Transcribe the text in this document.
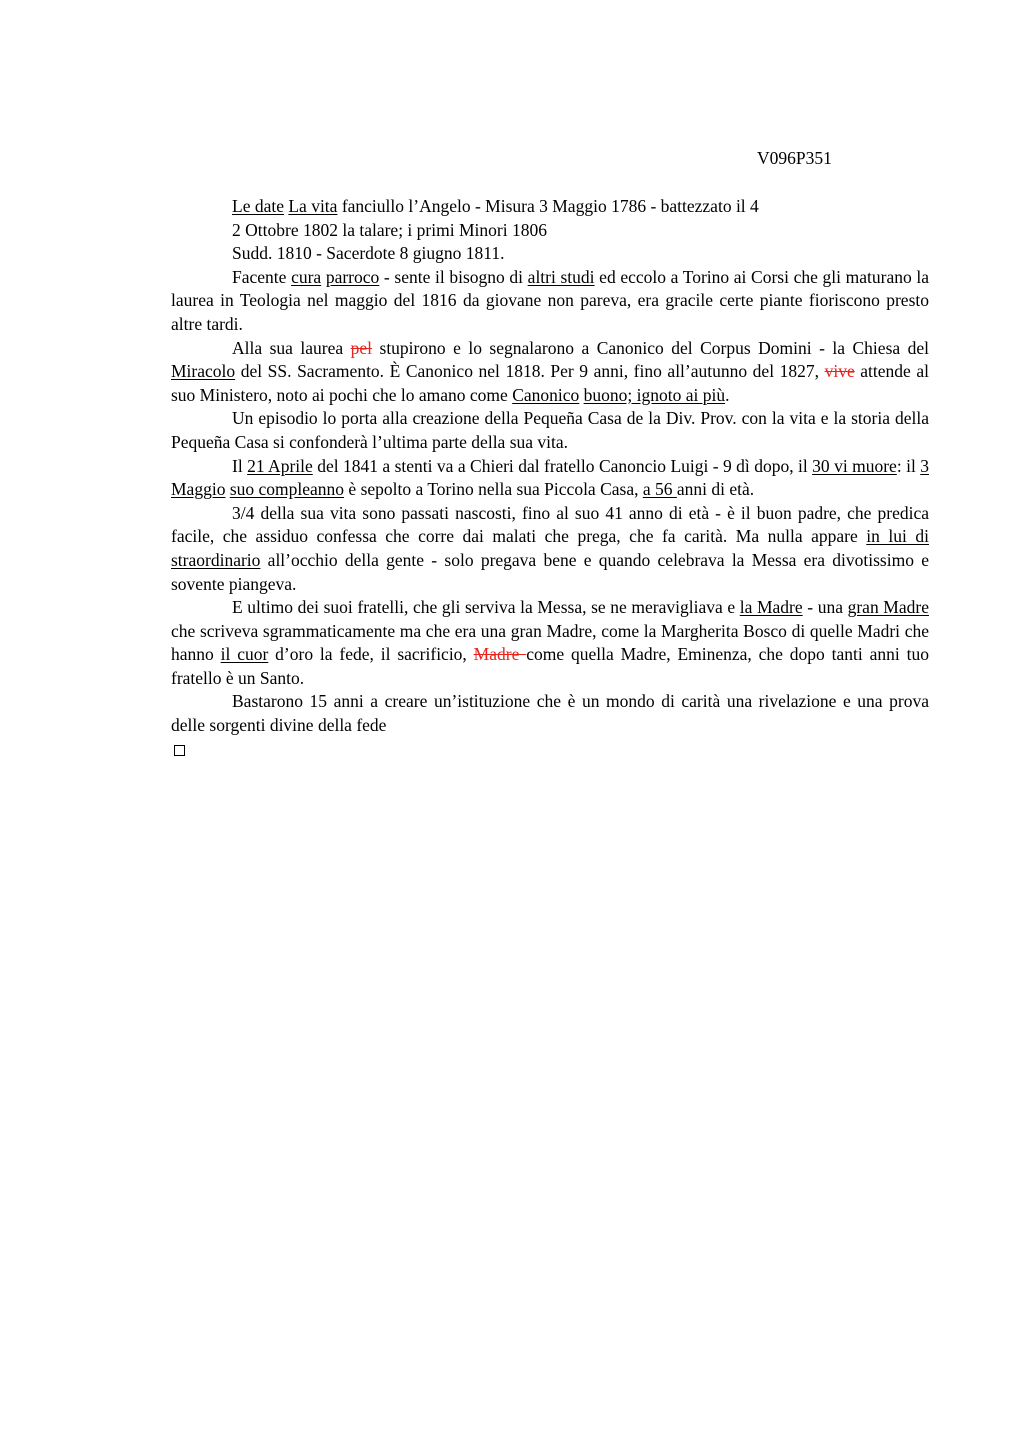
V096P351

Le date La vita fanciullo l’Angelo - Misura 3 Maggio 1786 - battezzato il 4

2 Ottobre 1802 la talare; i primi Minori 1806

Sudd. 1810 - Sacerdote 8 giugno 1811.

Facente cura parroco - sente il bisogno di altri studi ed eccolo a Torino ai Corsi che gli maturano la laurea in Teologia nel maggio del 1816 da giovane non pareva, era gracile certe piante fioriscono presto altre tardi.

Alla sua laurea pel stupirono e lo segnalarono a Canonico del Corpus Domini - la Chiesa del Miracolo del SS. Sacramento. È Canonico nel 1818. Per 9 anni, fino all’autunno del 1827, vive attende al suo Ministero, noto ai pochi che lo amano come Canonico buono; ignoto ai più.

Un episodio lo porta alla creazione della Pequeña Casa de la Div. Prov. con la vita e la storia della Pequeña Casa si confonderà l’ultima parte della sua vita.

Il 21 Aprile del 1841 a stenti va a Chieri dal fratello Canoncio Luigi - 9 dì dopo, il 30 vi muore: il 3 Maggio suo compleanno è sepolto a Torino nella sua Piccola Casa, a 56 anni di età.

3/4 della sua vita sono passati nascosti, fino al suo 41 anno di età - è il buon padre, che predica facile, che assiduo confessa che corre dai malati che prega, che fa carità. Ma nulla appare in lui di straordinario all’occhio della gente - solo pregava bene e quando celebrava la Messa era divotissimo e sovente piangeva.

E ultimo dei suoi fratelli, che gli serviva la Messa, se ne meravigliava e la Madre - una gran Madre che scriveva sgrammaticamente ma che era una gran Madre, come la Margherita Bosco di quelle Madri che hanno il cuor d’oro la fede, il sacrificio, Madre come quella Madre, Eminenza, che dopo tanti anni tuo fratello è un Santo.

Bastarono 15 anni a creare un’istituzione che è un mondo di carità una rivelazione e una prova delle sorgenti divine della fede
